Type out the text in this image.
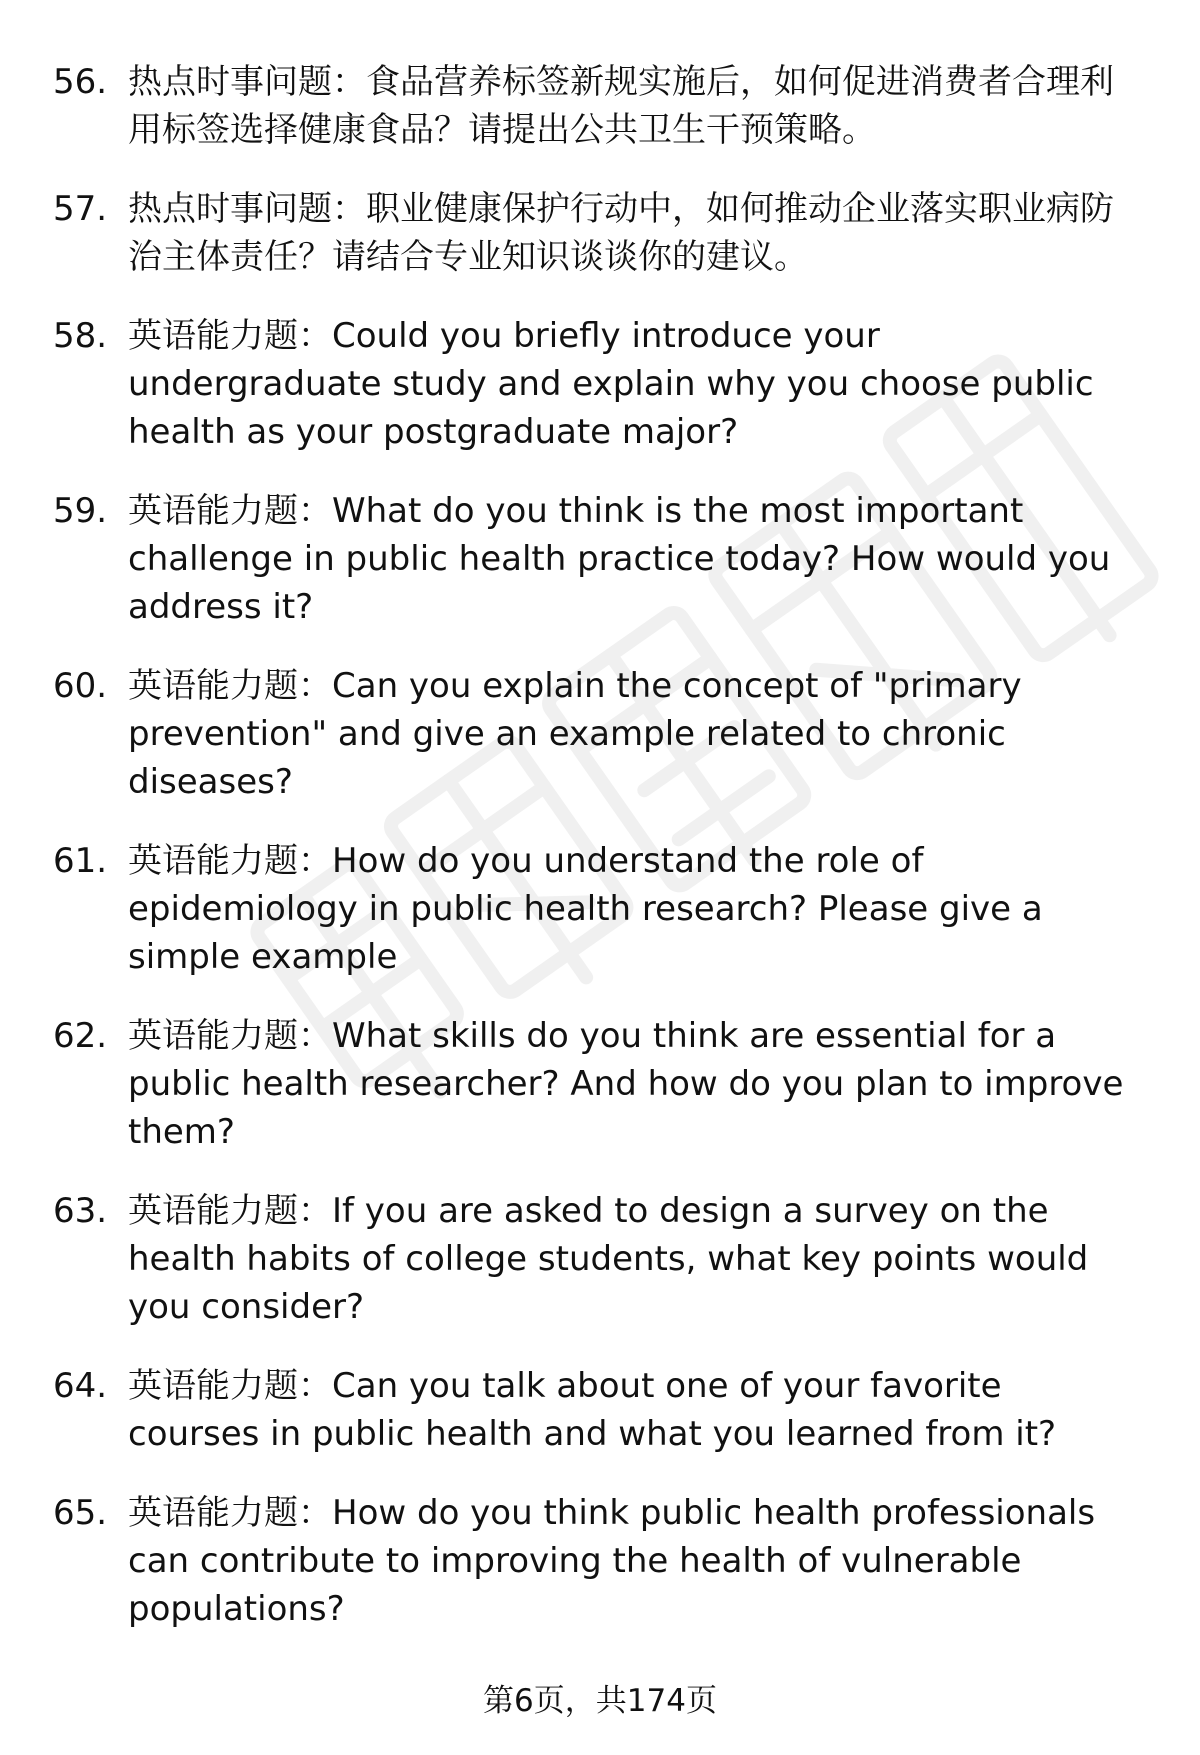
56. 热点时事问题：食品营养标签新规实施后，如何促进消费者合理利用标签选择健康食品？请提出公共卫生干预策略。
57. 热点时事问题：职业健康保护行动中，如何推动企业落实职业病防治主体责任？请结合专业知识谈谈你的建议。
58. 英语能力题：Could you briefly introduce your undergraduate study and explain why you choose public health as your postgraduate major?
59. 英语能力题：What do you think is the most important challenge in public health practice today? How would you address it?
60. 英语能力题：Can you explain the concept of "primary prevention" and give an example related to chronic diseases?
61. 英语能力题：How do you understand the role of epidemiology in public health research? Please give a simple example
62. 英语能力题：What skills do you think are essential for a public health researcher? And how do you plan to improve them?
63. 英语能力题：If you are asked to design a survey on the health habits of college students, what key points would you consider?
64. 英语能力题：Can you talk about one of your favorite courses in public health and what you learned from it?
65. 英语能力题：How do you think public health professionals can contribute to improving the health of vulnerable populations?
第6页，共174页
